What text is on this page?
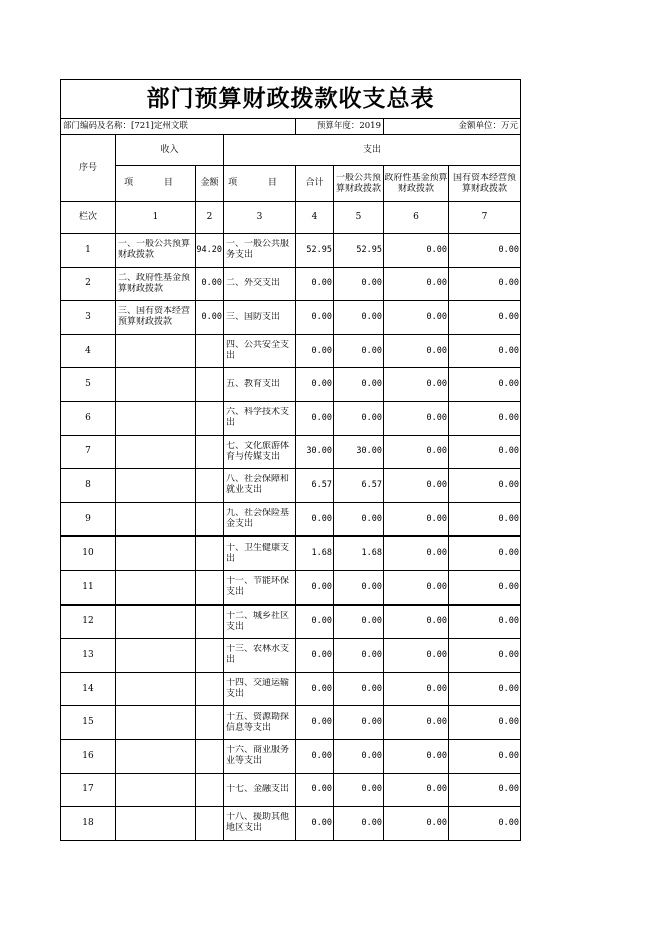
部门预算财政拨款收支总表							
部门编码及名称：[721]定州文联				预算年度：2019		金额单位：万元	
序号	收入		支出				
	项 目	金额	项 目	合计	一般公共预算财政拨款	政府性基金预算财政拨款	国有资本经营预算财政拨款

栏次	1	2	3	4	5	6	7
1	一、一般公共预算财政拨款	94.20	一、一般公共服务支出	52.95	52.95	0.00	0.00
2	二、政府性基金预算财政拨款	0.00	二、外交支出	0.00	0.00	0.00	0.00
3	三、国有资本经营预算财政拨款	0.00	三、国防支出	0.00	0.00	0.00	0.00
4			四、公共安全支出	0.00	0.00	0.00	0.00
5			五、教育支出	0.00	0.00	0.00	0.00
6			六、科学技术支出	0.00	0.00	0.00	0.00
7			七、文化旅游体育与传媒支出	30.00	30.00	0.00	0.00
8			八、社会保障和就业支出	6.57	6.57	0.00	0.00
9			九、社会保险基金支出	0.00	0.00	0.00	0.00
10			十、卫生健康支出	1.68	1.68	0.00	0.00
11			十一、节能环保支出	0.00	0.00	0.00	0.00
12			十二、城乡社区支出	0.00	0.00	0.00	0.00
13			十三、农林水支出	0.00	0.00	0.00	0.00
14			十四、交通运输支出	0.00	0.00	0.00	0.00
15			十五、资源勘探信息等支出	0.00	0.00	0.00	0.00
16			十六、商业服务业等支出	0.00	0.00	0.00	0.00
17			十七、金融支出	0.00	0.00	0.00	0.00
18			十八、援助其他地区支出	0.00	0.00	0.00	0.00
